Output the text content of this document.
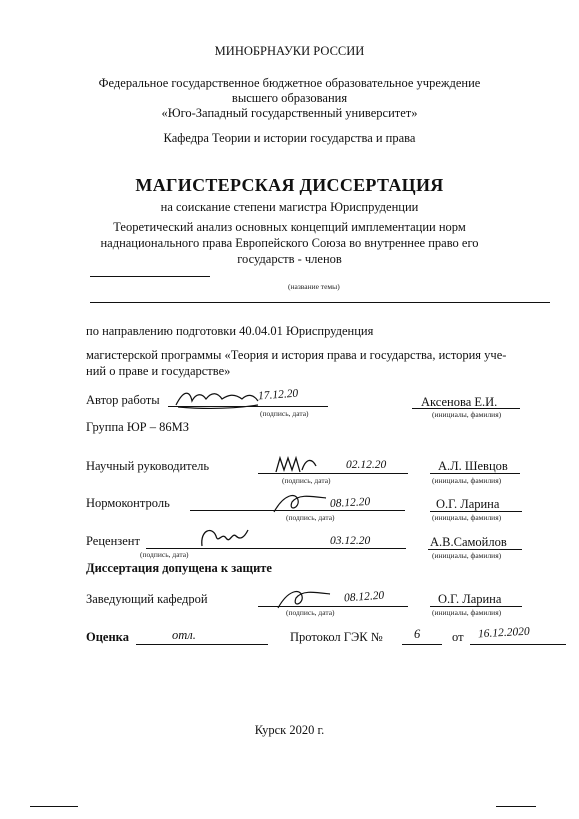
МИНОБРНАУКИ РОССИИ
Федеральное государственное бюджетное образовательное учреждение
высшего образования
«Юго-Западный государственный университет»
Кафедра Теории и истории государства и права
МАГИСТЕРСКАЯ ДИССЕРТАЦИЯ
на соискание степени магистра Юриспруденции
Теоретический анализ основных концепций имплементации норм
наднационального права Европейского Союза во внутреннее право его
государств - членов
(название темы)
по направлению подготовки 40.04.01 Юриспруденция
магистерской программы «Теория и история права и государства, история уче-
ний о праве и государстве»
Автор работы	17.12.20
(подпись, дата)
Аксенова Е.И.
(инициалы, фамилия)
Группа ЮР – 86МЗ
Научный руководитель	02.12.20
(подпись, дата)
А.Л. Шевцов
(инициалы, фамилия)
Нормоконтроль	08.12.20
(подпись, дата)
О.Г. Ларина
(инициалы, фамилия)
Рецензент	03.12.20
(подпись, дата)
А.В.Самойлов
(инициалы, фамилия)
Диссертация допущена к защите
Заведующий кафедрой	08.12.20
(подпись, дата)
О.Г. Ларина
(инициалы, фамилия)
Оценка	отл.	Протокол ГЭК №	6	от 16.12.2020
Курск 2020 г.
